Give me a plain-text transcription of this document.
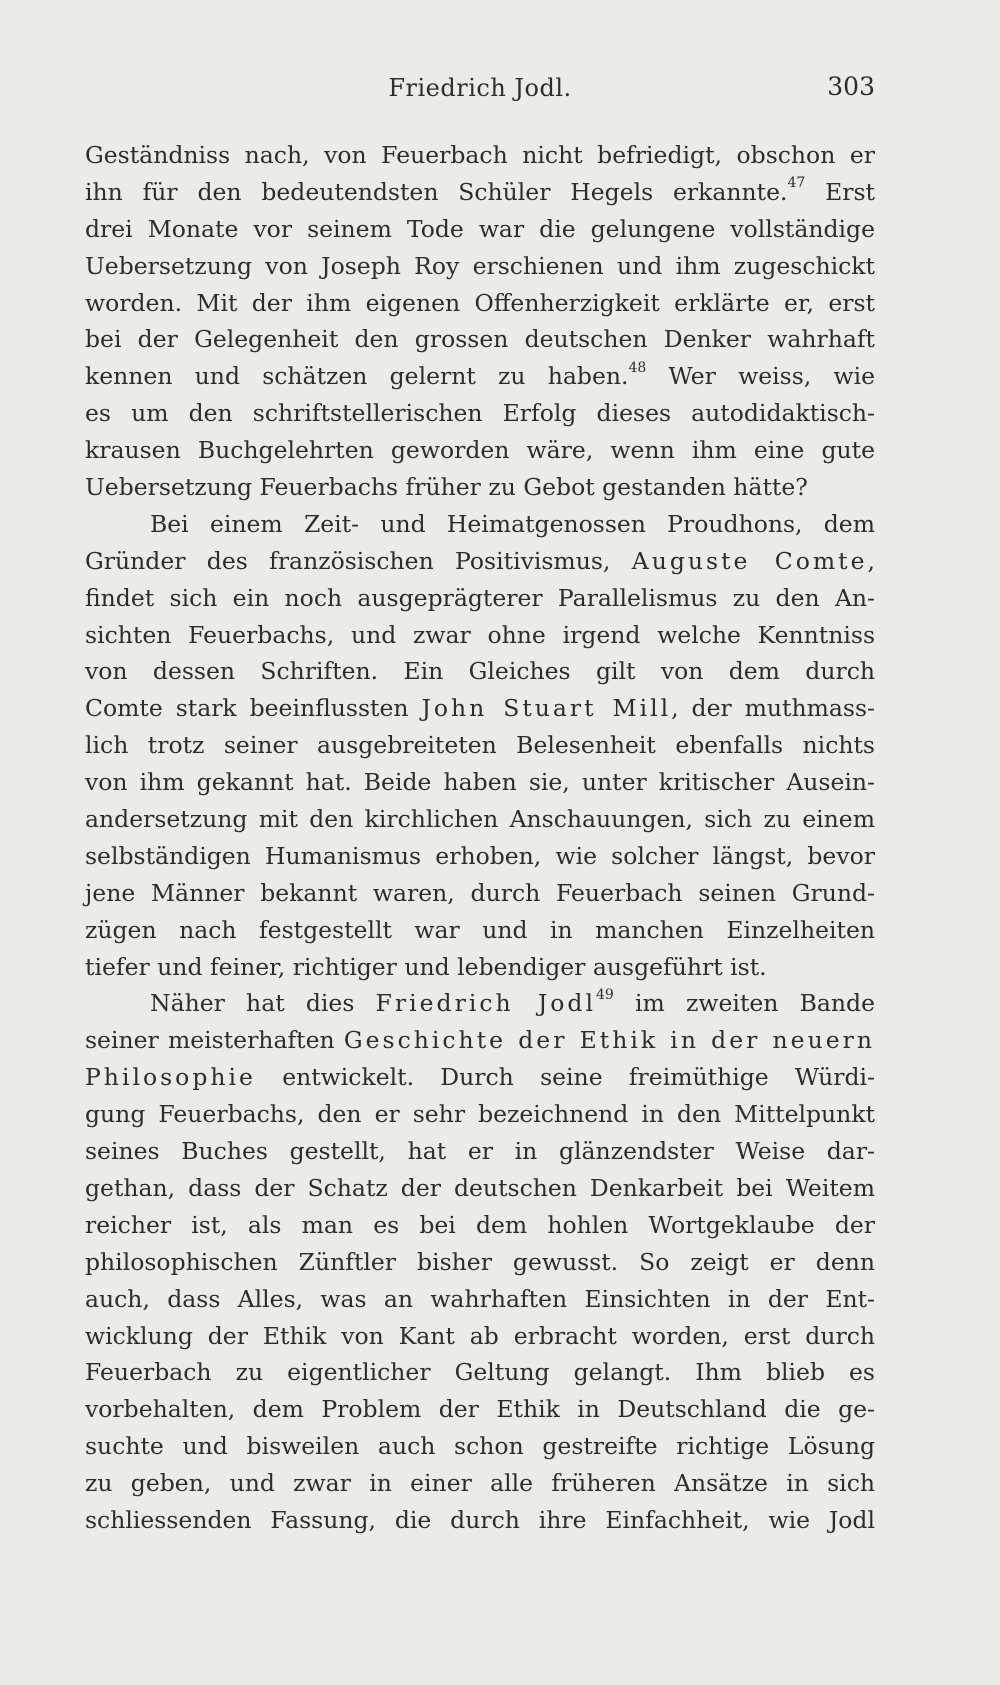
Friedrich Jodl.	303
Geständniss nach, von Feuerbach nicht befriedigt, obschon er
ihn für den bedeutendsten Schüler Hegels erkannte.$^{47}$ Erst
drei Monate vor seinem Tode war die gelungene vollständige
Uebersetzung von Joseph Roy erschienen und ihm zugeschickt
worden. Mit der ihm eigenen Offenherzigkeit erklärte er, erst
bei der Gelegenheit den grossen deutschen Denker wahrhaft
kennen und schätzen gelernt zu haben.$^{48}$ Wer weiss, wie
es um den schriftstellerischen Erfolg dieses autodidaktisch-
krausen Buchgelehrten geworden wäre, wenn ihm eine gute
Uebersetzung Feuerbachs früher zu Gebot gestanden hätte?
Bei einem Zeit- und Heimatgenossen Proudhons, dem
Gründer des französischen Positivismus, Auguste Comte,
findet sich ein noch ausgeprägterer Parallelismus zu den An-
sichten Feuerbachs, und zwar ohne irgend welche Kenntniss
von dessen Schriften. Ein Gleiches gilt von dem durch
Comte stark beeinflussten John Stuart Mill, der muthmass-
lich trotz seiner ausgebreiteten Belesenheit ebenfalls nichts
von ihm gekannt hat. Beide haben sie, unter kritischer Ausein-
andersetzung mit den kirchlichen Anschauungen, sich zu einem
selbständigen Humanismus erhoben, wie solcher längst, bevor
jene Männer bekannt waren, durch Feuerbach seinen Grund-
zügen nach festgestellt war und in manchen Einzelheiten
tiefer und feiner, richtiger und lebendiger ausgeführt ist.
Näher hat dies Friedrich Jodl$^{49}$ im zweiten Bande
seiner meisterhaften Geschichte der Ethik in der neuern
Philosophie entwickelt. Durch seine freimüthige Würdi-
gung Feuerbachs, den er sehr bezeichnend in den Mittelpunkt
seines Buches gestellt, hat er in glänzendster Weise dar-
gethan, dass der Schatz der deutschen Denkarbeit bei Weitem
reicher ist, als man es bei dem hohlen Wortgeklaube der
philosophischen Zünftler bisher gewusst. So zeigt er denn
auch, dass Alles, was an wahrhaften Einsichten in der Ent-
wicklung der Ethik von Kant ab erbracht worden, erst durch
Feuerbach zu eigentlicher Geltung gelangt. Ihm blieb es
vorbehalten, dem Problem der Ethik in Deutschland die ge-
suchte und bisweilen auch schon gestreifte richtige Lösung
zu geben, und zwar in einer alle früheren Ansätze in sich
schliessenden Fassung, die durch ihre Einfachheit, wie Jodl
